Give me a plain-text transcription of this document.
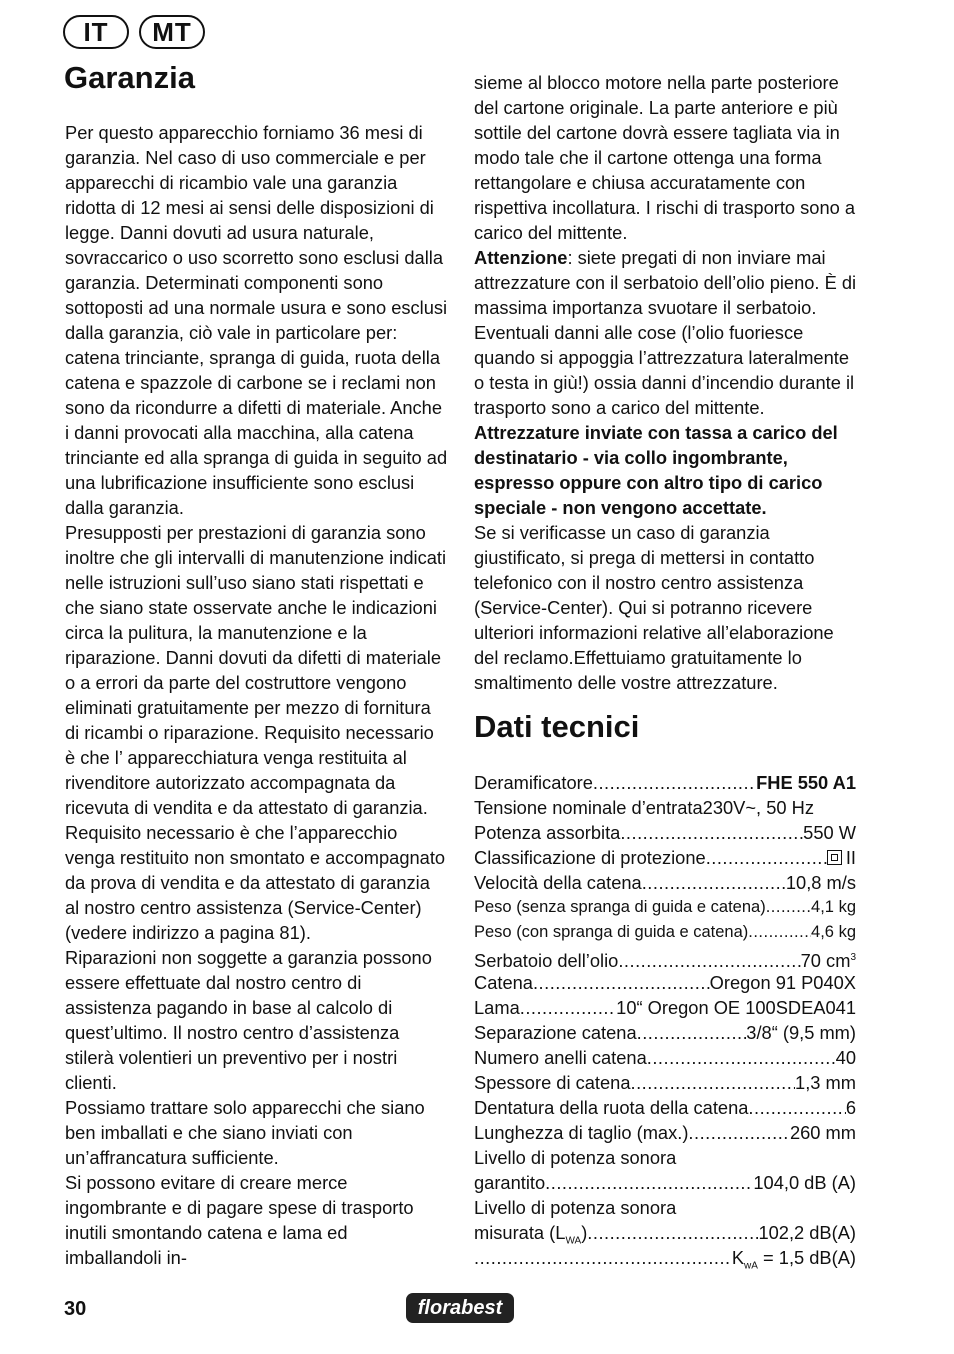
IT	MT
Garanzia

Per questo apparecchio forniamo 36 mesi di garanzia. Nel caso di uso commerciale e per apparecchi di ricambio vale una garanzia ridotta di 12 mesi ai sensi delle disposizioni di legge. Danni dovuti ad usura naturale, sovraccarico o uso scorretto sono esclusi dalla garanzia. Determinati componenti sono sottoposti ad una normale usura e sono esclusi dalla garanzia, ciò vale in particolare per: catena trinciante, spranga di guida, ruota della catena e spazzole di carbone se i reclami non sono da ricondurre a difetti di materiale. Anche i danni provocati alla macchina, alla catena trinciante ed alla spranga di guida in seguito ad una lubrificazione insufficiente sono esclusi dalla garanzia.

Presupposti per prestazioni di garanzia sono inoltre che gli intervalli di manutenzione indicati nelle istruzioni sull’uso siano stati rispettati e che siano state osservate anche le indicazioni circa la pulitura, la manutenzione e la riparazione. Danni dovuti da difetti di materiale o a errori da parte del costruttore vengono eliminati gratuitamente per mezzo di fornitura di ricambi o riparazione. Requisito necessario è che l’ apparecchiatura venga restituita al rivenditore autorizzato accompagnata da ricevuta di vendita e da attestato di garanzia. Requisito necessario è che l’apparecchio venga restituito non smontato e accompagnato da prova di vendita e da attestato di garanzia al nostro centro assistenza (Service-Center) (vedere indirizzo a pagina 81).

Riparazioni non soggette a garanzia possono essere effettuate dal nostro centro di assistenza pagando in base al calcolo di quest’ultimo. Il nostro centro d’assistenza stilerà volentieri un preventivo per i nostri clienti.

Possiamo trattare solo apparecchi che siano ben imballati e che siano inviati con un’affrancatura sufficiente.

Si possono evitare di creare merce ingombrante e di pagare spese di trasporto inutili smontando catena e lama ed imballandoli in-

sieme al blocco motore nella parte posteriore del cartone originale. La parte anteriore e più sottile del cartone dovrà essere tagliata via in modo tale che il cartone ottenga una forma rettangolare e chiusa accuratamente con rispettiva incollatura. I rischi di trasporto sono a carico del mittente.

Attenzione: siete pregati di non inviare mai attrezzature con il serbatoio dell’olio pieno. È di massima importanza svuotare il serbatoio. Eventuali danni alle cose (l’olio fuoriesce quando si appoggia l’attrezzatura lateralmente o testa in giù!) ossia danni d’incendio durante il trasporto sono a carico del mittente.

Attrezzature inviate con tassa a carico del destinatario - via collo ingombrante, espresso oppure con altro tipo di carico speciale - non vengono accettate.

Se si verificasse un caso di garanzia giustificato, si prega di mettersi in contatto telefonico con il nostro centro assistenza (Service-Center). Qui si potranno ricevere ulteriori informazioni relative all’elaborazione del reclamo.Effettuiamo gratuitamente lo smaltimento delle vostre attrezzature.

Dati tecnici
Deramificatore .....	FHE 550 A1
Tensione nominale d’entrata 230V~, 50 Hz
Potenza assorbita .....	550 W
Classificazione di protezione .....	II
Velocità della catena .....	10,8 m/s
Peso (senza spranga di guida e catena) .....	4,1 kg
Peso (con spranga di guida e catena) .....	4,6 kg
Serbatoio dell’olio .....	70 $cm^3$
Catena .....	Oregon 91 P040X
Lama .....	10“ Oregon OE 100SDEA041
Separazione catena .....	3/8“ (9,5 mm)
Numero anelli catena .....	40
Spessore di catena .....	1,3 mm
Dentatura della ruota della catena .....	6
Lunghezza di taglio (max.) .....	260 mm
Livello di potenza sonora
garantito .....	104,0 dB (A)
Livello di potenza sonora
misurata $(L_{WA})$ .....	102,2 dB(A)
.....
$K_{wA} = 1,5$ dB(A)
30	florabest
